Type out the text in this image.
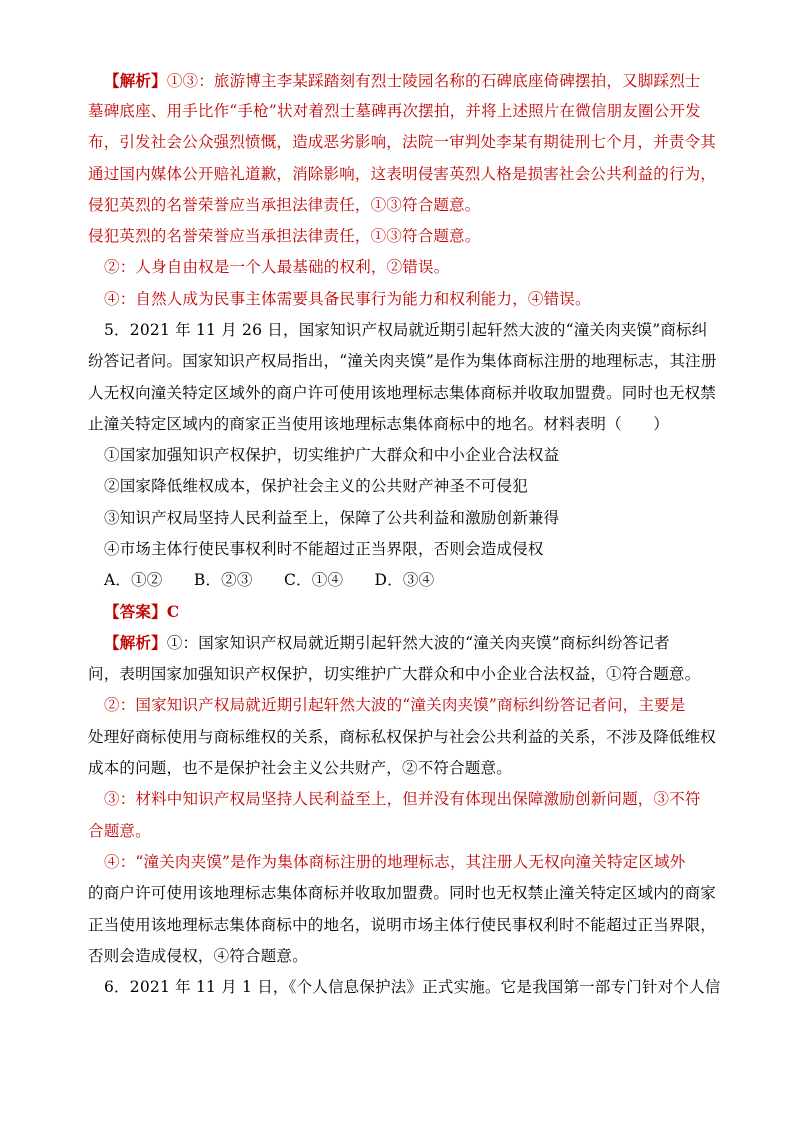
【解析】①③：旅游博主李某踩踏刻有烈士陵园名称的石碑底座倚碑摆拍，又脚踩烈士
墓碑底座、用手比作“手枪”状对着烈士墓碑再次摆拍，并将上述照片在微信朋友圈公开发
布，引发社会公众强烈愤慨，造成恶劣影响，法院一审判处李某有期徒刑七个月，并责令其
通过国内媒体公开赔礼道歉，消除影响，这表明侵害英烈人格是损害社会公共利益的行为，
侵犯英烈的名誉荣誉应当承担法律责任，①③符合题意。
侵犯英烈的名誉荣誉应当承担法律责任，①③符合题意。
②：人身自由权是一个人最基础的权利，②错误。
④：自然人成为民事主体需要具备民事行为能力和权利能力，④错误。
5．2021 年 11 月 26 日，国家知识产权局就近期引起轩然大波的“潼关肉夹馍”商标纠
纷答记者问。国家知识产权局指出，“潼关肉夹馍”是作为集体商标注册的地理标志，其注册
人无权向潼关特定区域外的商户许可使用该地理标志集体商标并收取加盟费。同时也无权禁
止潼关特定区域内的商家正当使用该地理标志集体商标中的地名。材料表明（　　）
①国家加强知识产权保护，切实维护广大群众和中小企业合法权益
②国家降低维权成本，保护社会主义的公共财产神圣不可侵犯
③知识产权局坚持人民利益至上，保障了公共利益和激励创新兼得
④市场主体行使民事权利时不能超过正当界限，否则会造成侵权
A．①②　　B．②③　　C．①④　　D．③④
【答案】C
【解析】①：国家知识产权局就近期引起轩然大波的“潼关肉夹馍”商标纠纷答记者
问，表明国家加强知识产权保护，切实维护广大群众和中小企业合法权益，①符合题意。
②：国家知识产权局就近期引起轩然大波的“潼关肉夹馍”商标纠纷答记者问，主要是
处理好商标使用与商标维权的关系，商标私权保护与社会公共利益的关系，不涉及降低维权
成本的问题，也不是保护社会主义公共财产，②不符合题意。
③：材料中知识产权局坚持人民利益至上，但并没有体现出保障激励创新问题，③不符
合题意。
④：“潼关肉夹馍”是作为集体商标注册的地理标志，其注册人无权向潼关特定区域外
的商户许可使用该地理标志集体商标并收取加盟费。同时也无权禁止潼关特定区域内的商家
正当使用该地理标志集体商标中的地名，说明市场主体行使民事权利时不能超过正当界限，
否则会造成侵权，④符合题意。
6．2021 年 11 月 1 日，《个人信息保护法》正式实施。它是我国第一部专门针对个人信
